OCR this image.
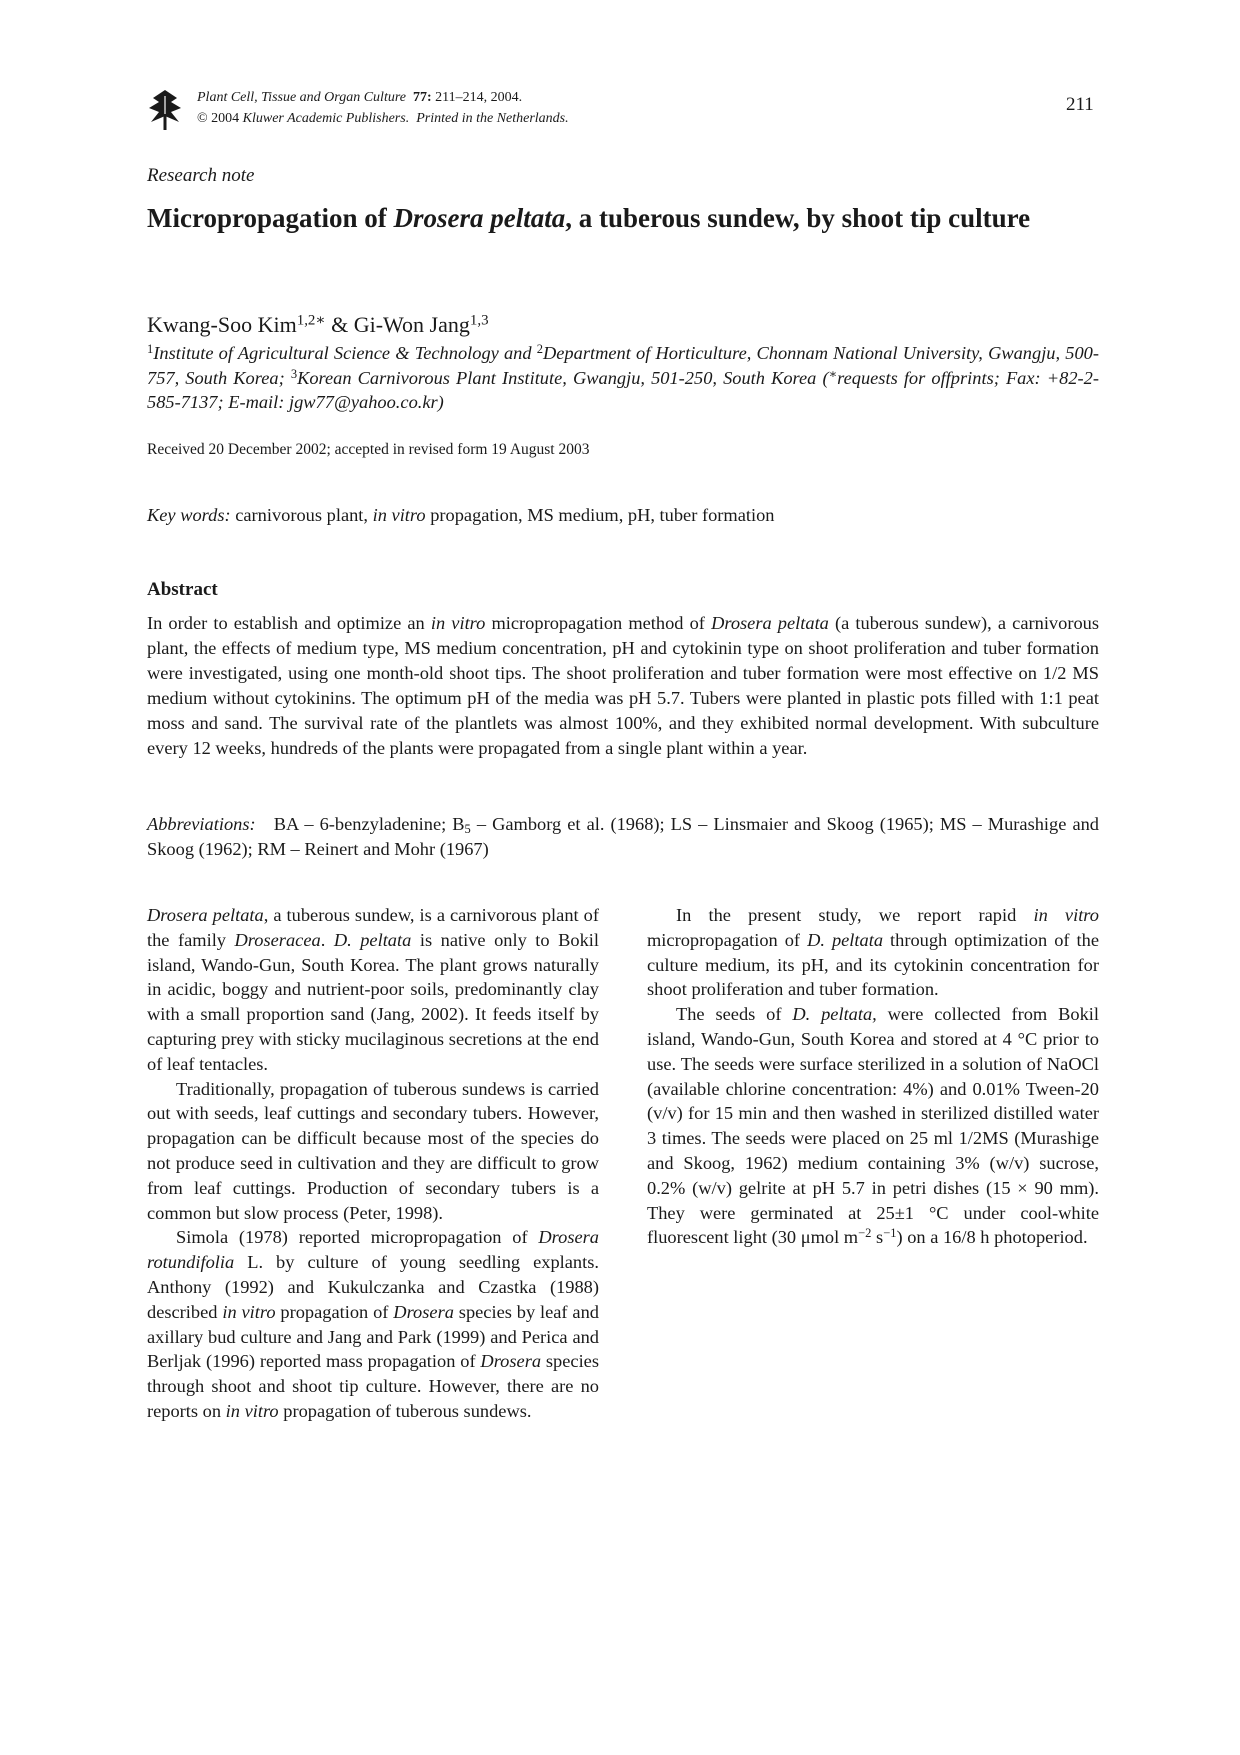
Plant Cell, Tissue and Organ Culture 77: 211–214, 2004.
© 2004 Kluwer Academic Publishers. Printed in the Netherlands.
211
Research note
Micropropagation of Drosera peltata, a tuberous sundew, by shoot tip culture
Kwang-Soo Kim$^{1,2∗}$ & Gi-Won Jang$^{1,3}$
$^1$Institute of Agricultural Science & Technology and $^2$Department of Horticulture, Chonnam National University, Gwangju, 500-757, South Korea; $^3$Korean Carnivorous Plant Institute, Gwangju, 501-250, South Korea (∗requests for offprints; Fax: +82-2-585-7137; E-mail: jgw77@yahoo.co.kr)
Received 20 December 2002; accepted in revised form 19 August 2003
Key words: carnivorous plant, in vitro propagation, MS medium, pH, tuber formation
Abstract

In order to establish and optimize an in vitro micropropagation method of Drosera peltata (a tuberous sundew), a carnivorous plant, the effects of medium type, MS medium concentration, pH and cytokinin type on shoot proliferation and tuber formation were investigated, using one month-old shoot tips. The shoot proliferation and tuber formation were most effective on 1/2 MS medium without cytokinins. The optimum pH of the media was pH 5.7. Tubers were planted in plastic pots filled with 1:1 peat moss and sand. The survival rate of the plantlets was almost 100%, and they exhibited normal development. With subculture every 12 weeks, hundreds of the plants were propagated from a single plant within a year.

Abbreviations: BA – 6-benzyladenine; $B_5$ – Gamborg et al. (1968); LS – Linsmaier and Skoog (1965); MS – Murashige and Skoog (1962); RM – Reinert and Mohr (1967)

Drosera peltata, a tuberous sundew, is a carnivorous plant of the family Droseracea. D. peltata is native only to Bokil island, Wando-Gun, South Korea. The plant grows naturally in acidic, boggy and nutrient-poor soils, predominantly clay with a small proportion sand (Jang, 2002). It feeds itself by capturing prey with sticky mucilaginous secretions at the end of leaf tentacles.

Traditionally, propagation of tuberous sundews is carried out with seeds, leaf cuttings and secondary tubers. However, propagation can be difficult because most of the species do not produce seed in cultivation and they are difficult to grow from leaf cuttings. Production of secondary tubers is a common but slow process (Peter, 1998).

Simola (1978) reported micropropagation of Drosera rotundifolia L. by culture of young seedling explants. Anthony (1992) and Kukulczanka and Czastka (1988) described in vitro propagation of Drosera species by leaf and axillary bud culture and Jang and Park (1999) and Perica and Berljak (1996) reported mass propagation of Drosera species through shoot and shoot tip culture. However, there are no reports on in vitro propagation of tuberous sundews.

In the present study, we report rapid in vitro micropropagation of D. peltata through optimization of the culture medium, its pH, and its cytokinin concentration for shoot proliferation and tuber formation.

The seeds of D. peltata, were collected from Bokil island, Wando-Gun, South Korea and stored at 4 °C prior to use. The seeds were surface sterilized in a solution of NaOCl (available chlorine concentration: 4%) and 0.01% Tween-20 (v/v) for 15 min and then washed in sterilized distilled water 3 times. The seeds were placed on 25 ml 1/2MS (Murashige and Skoog, 1962) medium containing 3% (w/v) sucrose, 0.2% (w/v) gelrite at pH 5.7 in petri dishes (15 × 90 mm). They were germinated at 25±1 °C under cool-white fluorescent light (30 μmol $m^{-2}$ $s^{-1}$) on a 16/8 h photoperiod.
